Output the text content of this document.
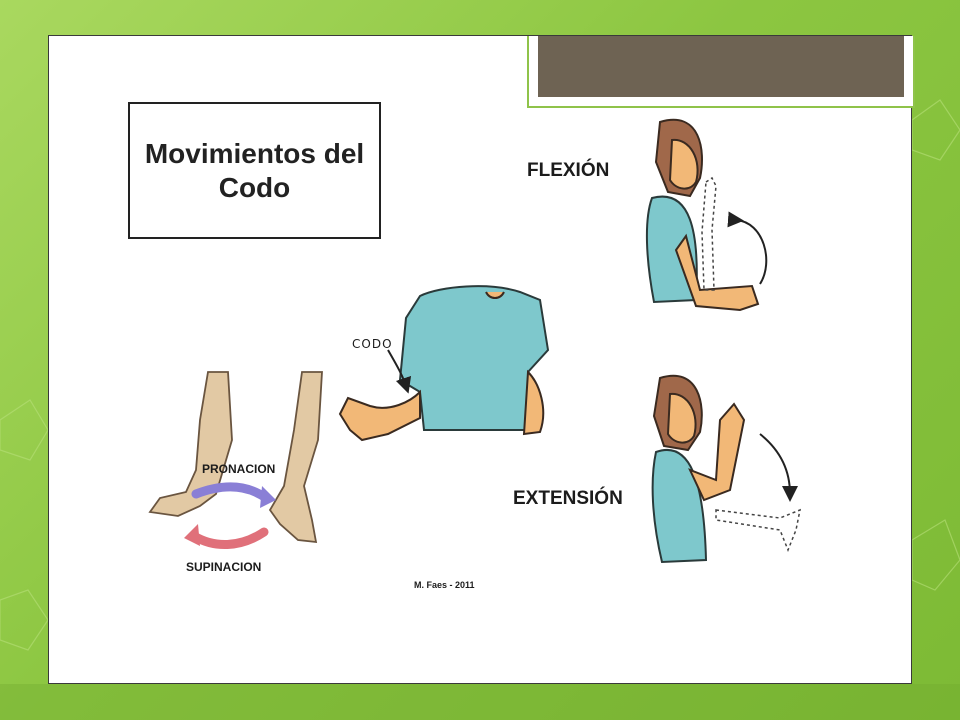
Movimientos del Codo
FLEXIÓN
EXTENSIÓN
PRONACION
SUPINACION
CODO
M. Faes - 2011
